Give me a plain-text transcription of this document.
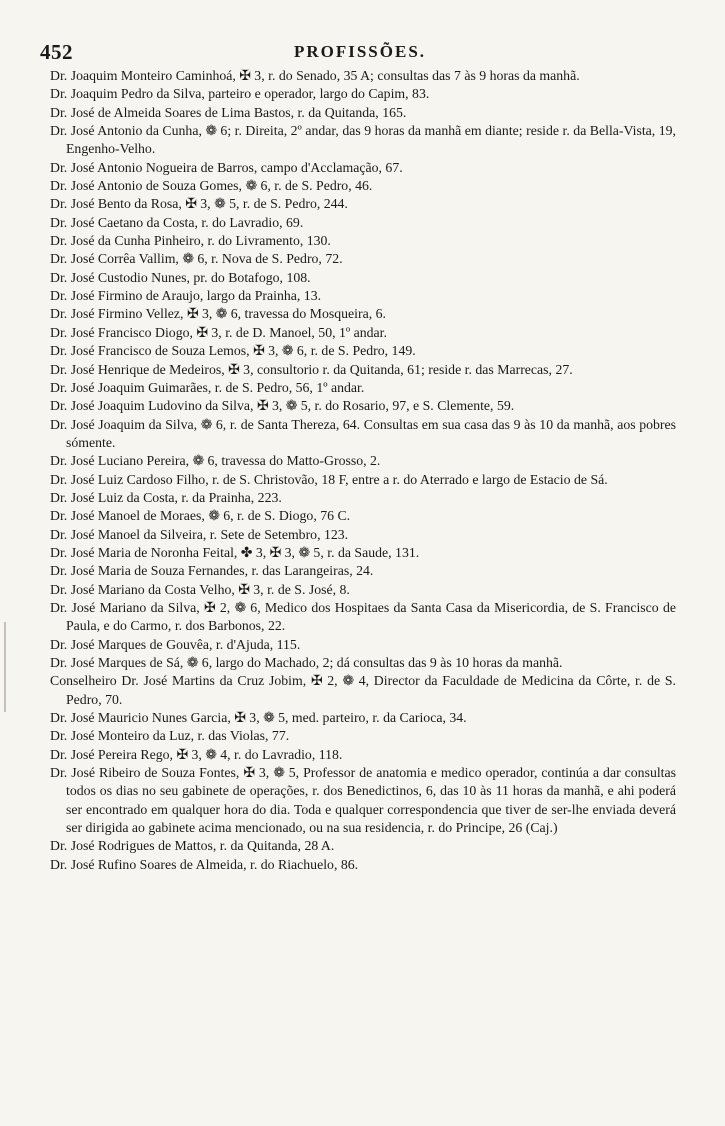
452	PROFISSÕES.

Dr. Joaquim Monteiro Caminhoá, ✠ 3, r. do Senado, 35 A; consultas das 7 às 9 horas da manhã.

Dr. Joaquim Pedro da Silva, parteiro e operador, largo do Capim, 83.

Dr. José de Almeida Soares de Lima Bastos, r. da Quitanda, 165.

Dr. José Antonio da Cunha, ❁ 6; r. Direita, 2º andar, das 9 horas da manhã em diante; reside r. da Bella-Vista, 19, Engenho-Velho.

Dr. José Antonio Nogueira de Barros, campo d'Acclamação, 67.

Dr. José Antonio de Souza Gomes, ❁ 6, r. de S. Pedro, 46.

Dr. José Bento da Rosa, ✠ 3, ❁ 5, r. de S. Pedro, 244.

Dr. José Caetano da Costa, r. do Lavradio, 69.

Dr. José da Cunha Pinheiro, r. do Livramento, 130.

Dr. José Corrêa Vallim, ❁ 6, r. Nova de S. Pedro, 72.

Dr. José Custodio Nunes, pr. do Botafogo, 108.

Dr. José Firmino de Araujo, largo da Prainha, 13.

Dr. José Firmino Vellez, ✠ 3, ❁ 6, travessa do Mosqueira, 6.

Dr. José Francisco Diogo, ✠ 3, r. de D. Manoel, 50, 1º andar.

Dr. José Francisco de Souza Lemos, ✠ 3, ❁ 6, r. de S. Pedro, 149.

Dr. José Henrique de Medeiros, ✠ 3, consultorio r. da Quitanda, 61; reside r. das Marrecas, 27.

Dr. José Joaquim Guimarães, r. de S. Pedro, 56, 1º andar.

Dr. José Joaquim Ludovino da Silva, ✠ 3, ❁ 5, r. do Rosario, 97, e S. Clemente, 59.

Dr. José Joaquim da Silva, ❁ 6, r. de Santa Thereza, 64. Consultas em sua casa das 9 às 10 da manhã, aos pobres sómente.

Dr. José Luciano Pereira, ❁ 6, travessa do Matto-Grosso, 2.

Dr. José Luiz Cardoso Filho, r. de S. Christovão, 18 F, entre a r. do Aterrado e largo de Estacio de Sá.

Dr. José Luiz da Costa, r. da Prainha, 223.

Dr. José Manoel de Moraes, ❁ 6, r. de S. Diogo, 76 C.

Dr. José Manoel da Silveira, r. Sete de Setembro, 123.

Dr. José Maria de Noronha Feital, ✤ 3, ✠ 3, ❁ 5, r. da Saude, 131.

Dr. José Maria de Souza Fernandes, r. das Larangeiras, 24.

Dr. José Mariano da Costa Velho, ✠ 3, r. de S. José, 8.

Dr. José Mariano da Silva, ✠ 2, ❁ 6, Medico dos Hospitaes da Santa Casa da Misericordia, de S. Francisco de Paula, e do Carmo, r. dos Barbonos, 22.

Dr. José Marques de Gouvêa, r. d'Ajuda, 115.

Dr. José Marques de Sá, ❁ 6, largo do Machado, 2; dá consultas das 9 às 10 horas da manhã.

Conselheiro Dr. José Martins da Cruz Jobim, ✠ 2, ❁ 4, Director da Faculdade de Medicina da Côrte, r. de S. Pedro, 70.

Dr. José Mauricio Nunes Garcia, ✠ 3, ❁ 5, med. parteiro, r. da Carioca, 34.

Dr. José Monteiro da Luz, r. das Violas, 77.

Dr. José Pereira Rego, ✠ 3, ❁ 4, r. do Lavradio, 118.

Dr. José Ribeiro de Souza Fontes, ✠ 3, ❁ 5, Professor de anatomia e medico operador, continúa a dar consultas todos os dias no seu gabinete de operações, r. dos Benedictinos, 6, das 10 às 11 horas da manhã, e ahi poderá ser encontrado em qualquer hora do dia. Toda e qualquer correspondencia que tiver de ser-lhe enviada deverá ser dirigida ao gabinete acima mencionado, ou na sua residencia, r. do Principe, 26 (Caj.)

Dr. José Rodrigues de Mattos, r. da Quitanda, 28 A.

Dr. José Rufino Soares de Almeida, r. do Riachuelo, 86.
